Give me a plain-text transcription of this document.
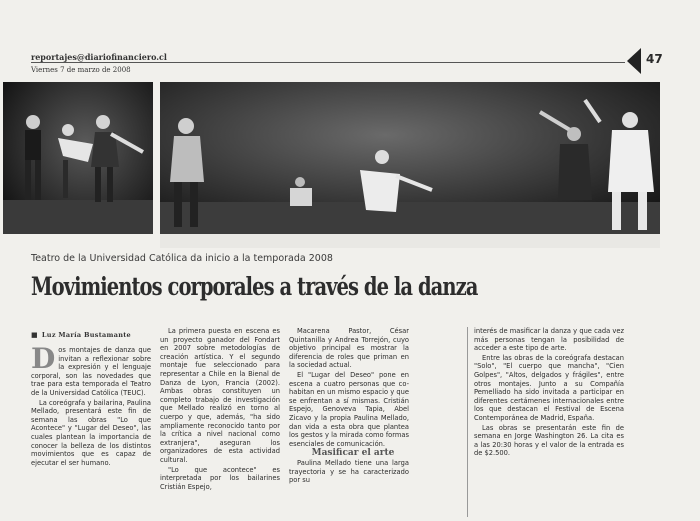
reportajes@diariofinanciero.cl
Viernes 7 de marzo de 2008
47
Teatro de la Universidad Católica da inicio a la temporada 2008
Movimientos corporales a través de la danza
■ Luz María Bustamante

Dos montajes de danza que invitan a reflexionar sobre la expresión y el lenguaje corporal, son las novedades que trae para esta temporada el Teatro de la Universidad Católica (TEUC).

La coreógrafa y bailarina, Paulina Mellado, presentará este fin de semana las obras "Lo que Acontece" y "Lugar del Deseo", las cuales plantean la importancia de conocer la belleza de los distintos movimientos que es capaz de ejecutar el ser humano.

La primera puesta en escena es un proyecto ganador del Fondart en 2007 sobre metodologías de creación artística. Y el segundo montaje fue seleccionado para representar a Chile en la Bienal de Danza de Lyon, Francia (2002). Ambas obras constituyen un completo trabajo de investigación que Mellado realizó en torno al cuerpo y que, además, "ha sido ampliamente reconocido tanto por la crítica a nivel nacional como extranjera", aseguran los organizadores de esta actividad cultural.

"Lo que acontece" es interpretada por los bailarines Cristián Espejo,

Macarena Pastor, César Quintanilla y Andrea Torrejón, cuyo objetivo principal es mostrar la diferencia de roles que priman en la sociedad actual.

El "Lugar del Deseo" pone en escena a cuatro personas que co-habitan en un mismo espacio y que se enfrentan a sí mismas. Cristián Espejo, Genoveva Tapia, Abel Zicavo y la propia Paulina Mellado, dan vida a esta obra que plantea los gestos y la mirada como formas esenciales de comunicación.

Masificar el arte

Paulina Mellado tiene una larga trayectoria y se ha caracterizado por su

interés de masificar la danza y que cada vez más personas tengan la posibilidad de acceder a este tipo de arte.

Entre las obras de la coreógrafa destacan "Solo", "El cuerpo que mancha", "Cien Golpes", "Altos, delgados y frágiles", entre otros montajes. Junto a su Compañía Pemelliado ha sido invitada a participar en diferentes certámenes internacionales entre los que destacan el Festival de Escena Contemporánea de Madrid, España.

Las obras se presentarán este fin de semana en Jorge Washington 26. La cita es a las 20:30 horas y el valor de la entrada es de $2.500.
